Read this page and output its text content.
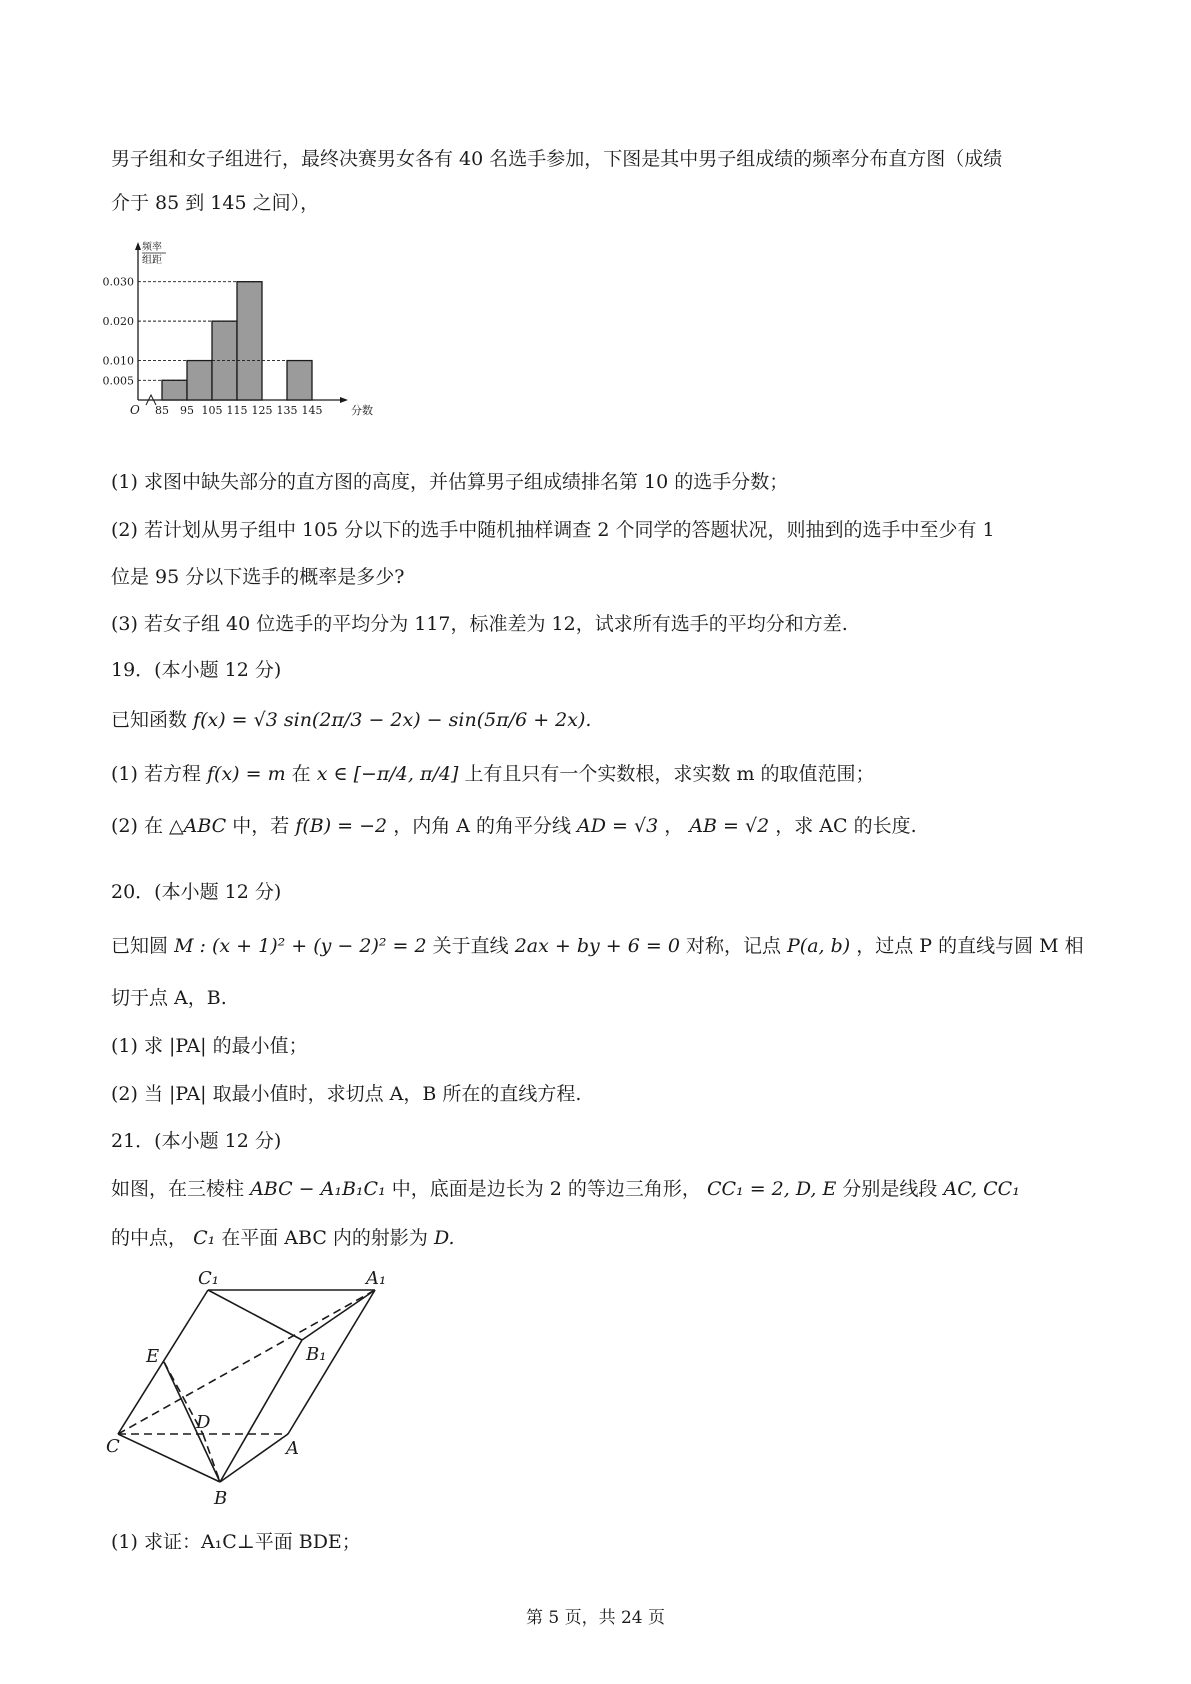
男子组和女子组进行，最终决赛男女各有 40 名选手参加，下图是其中男子组成绩的频率分布直方图（成绩
介于 85 到 145 之间），
频率
组距
0.005
0.010
0.020
0.030
85 95 105 115 125 135 145	分数
O
(1) 求图中缺失部分的直方图的高度，并估算男子组成绩排名第 10 的选手分数；
(2) 若计划从男子组中 105 分以下的选手中随机抽样调查 2 个同学的答题状况，则抽到的选手中至少有 1
位是 95 分以下选手的概率是多少?
(3) 若女子组 40 位选手的平均分为 117，标准差为 12，试求所有选手的平均分和方差.
19．(本小题 12 分)
已知函数 f(x) = √3 sin(2π/3 − 2x) − sin(5π/6 + 2x).
(1) 若方程 f(x) = m 在 x ∈ [−π/4, π/4] 上有且只有一个实数根，求实数 m 的取值范围；
(2) 在 △ABC 中，若 f(B) = −2 ，内角 A 的角平分线 AD = √3 ， AB = √2 ，求 AC 的长度.
20．(本小题 12 分)
已知圆 M : (x + 1)² + (y − 2)² = 2 关于直线 2ax + by + 6 = 0 对称，记点 P(a, b) ，过点 P 的直线与圆 M 相
切于点 A，B.
(1) 求 |PA| 的最小值；
(2) 当 |PA| 取最小值时，求切点 A，B 所在的直线方程.
21．(本小题 12 分)
如图，在三棱柱 ABC − A₁B₁C₁ 中，底面是边长为 2 的等边三角形， CC₁ = 2, D, E 分别是线段 AC, CC₁
的中点， C₁ 在平面 ABC 内的射影为 D.
C₁	A₁
B₁
E
D
C	A
B
(1) 求证：A₁C⊥平面 BDE；
第 5 页，共 24 页
